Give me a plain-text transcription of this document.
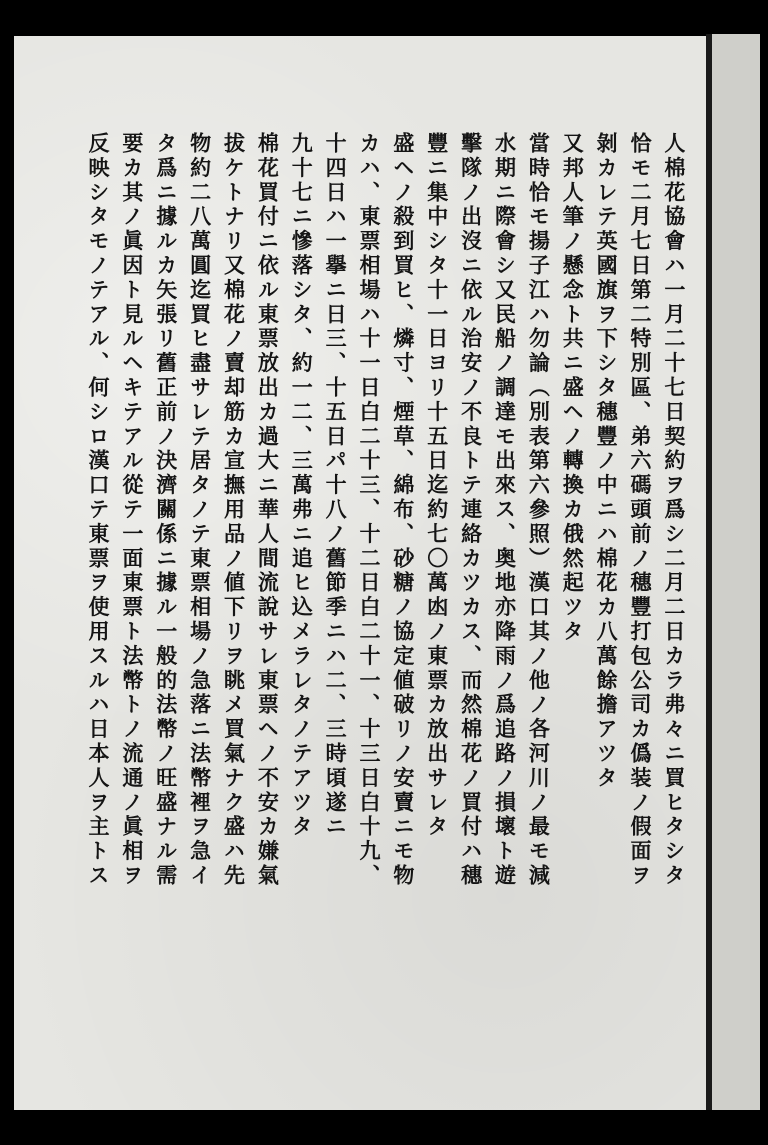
人棉花協會ハ一月二十七日契約ヲ爲シ二月二日カラ弗々ニ買ヒタシタ
恰モ二月七日第二特別區、弟六碼頭前ノ穗豐打包公司カ僞装ノ假面ヲ
剝カレテ英國旗ヲ下シタ穗豐ノ中ニハ棉花カ八萬餘擔アツタ
又邦人筆ノ懸念ト共ニ盛ヘノ轉換カ俄然起ツタ
當時恰モ揚子江ハ勿論（別表第六參照）漢口其ノ他ノ各河川ノ最モ減
水期ニ際會シ又民船ノ調達モ出來ス、奥地亦降雨ノ爲追路ノ損壞ト遊
擊隊ノ出沒ニ依ル治安ノ不良トテ連絡カツカス、而然棉花ノ買付ハ穗
豐ニ集中シタ十一日ヨリ十五日迄約七〇萬凼ノ東票カ放出サレタ
盛ヘノ殺到買ヒ、燐寸、煙草、綿布、砂糖ノ協定値破リノ安賣ニモ物
カハ、東票相場ハ十一日白二十三、十二日白二十一、十三日白十九、
十四日ハ一擧ニ日三、十五日パ十八ノ舊節季ニハ二、三時頃遂ニ
九十七ニ慘落シタ、約一二、三萬弗ニ追ヒ込メラレタノテアツタ
棉花買付ニ依ル東票放出カ過大ニ華人間流說サレ東票ヘノ不安カ嫌氣
拔ケトナリ又棉花ノ賣却筋カ宣撫用品ノ値下リヲ眺メ買氣ナク盛ハ先
物約二八萬圓迄買ヒ盡サレテ居タノテ東票相場ノ急落ニ法幣裡ヲ急イ
タ爲ニ據ルカ矢張リ舊正前ノ決濟關係ニ據ル一般的法幣ノ旺盛ナル需
要カ其ノ眞因ト見ルヘキテアル從テ一面東票ト法幣トノ流通ノ眞相ヲ
反映シタモノテアル、何シロ漢口テ東票ヲ使用スルハ日本人ヲ主トス
